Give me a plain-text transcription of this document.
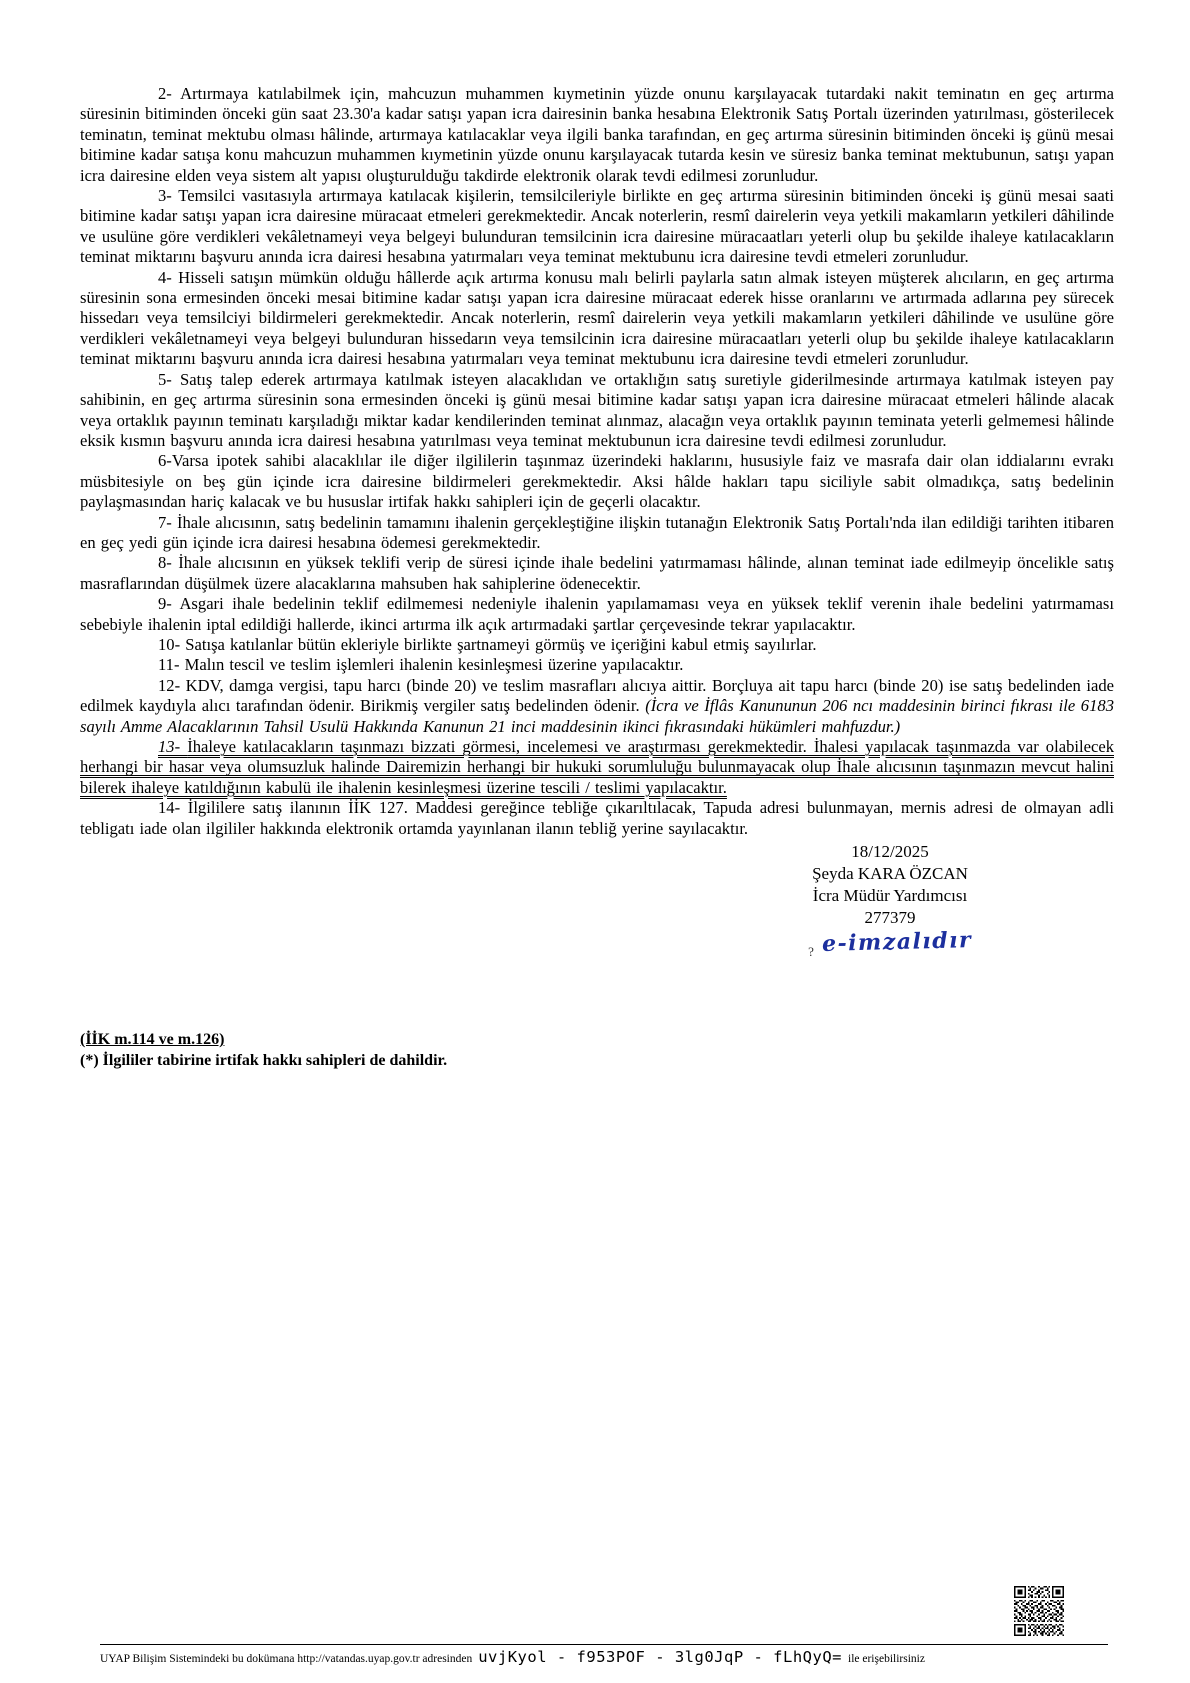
2- Artırmaya katılabilmek için, mahcuzun muhammen kıymetinin yüzde onunu karşılayacak tutardaki nakit teminatın en geç artırma süresinin bitiminden önceki gün saat 23.30'a kadar satışı yapan icra dairesinin banka hesabına Elektronik Satış Portalı üzerinden yatırılması, gösterilecek teminatın, teminat mektubu olması hâlinde, artırmaya katılacaklar veya ilgili banka tarafından, en geç artırma süresinin bitiminden önceki iş günü mesai bitimine kadar satışa konu mahcuzun muhammen kıymetinin yüzde onunu karşılayacak tutarda kesin ve süresiz banka teminat mektubunun, satışı yapan icra dairesine elden veya sistem alt yapısı oluşturulduğu takdirde elektronik olarak tevdi edilmesi zorunludur.

3- Temsilci vasıtasıyla artırmaya katılacak kişilerin, temsilcileriyle birlikte en geç artırma süresinin bitiminden önceki iş günü mesai saati bitimine kadar satışı yapan icra dairesine müracaat etmeleri gerekmektedir. Ancak noterlerin, resmî dairelerin veya yetkili makamların yetkileri dâhilinde ve usulüne göre verdikleri vekâletnameyi veya belgeyi bulunduran temsilcinin icra dairesine müracaatları yeterli olup bu şekilde ihaleye katılacakların teminat miktarını başvuru anında icra dairesi hesabına yatırmaları veya teminat mektubunu icra dairesine tevdi etmeleri zorunludur.

4- Hisseli satışın mümkün olduğu hâllerde açık artırma konusu malı belirli paylarla satın almak isteyen müşterek alıcıların, en geç artırma süresinin sona ermesinden önceki mesai bitimine kadar satışı yapan icra dairesine müracaat ederek hisse oranlarını ve artırmada adlarına pey sürecek hissedarı veya temsilciyi bildirmeleri gerekmektedir. Ancak noterlerin, resmî dairelerin veya yetkili makamların yetkileri dâhilinde ve usulüne göre verdikleri vekâletnameyi veya belgeyi bulunduran hissedarın veya temsilcinin icra dairesine müracaatları yeterli olup bu şekilde ihaleye katılacakların teminat miktarını başvuru anında icra dairesi hesabına yatırmaları veya teminat mektubunu icra dairesine tevdi etmeleri zorunludur.

5- Satış talep ederek artırmaya katılmak isteyen alacaklıdan ve ortaklığın satış suretiyle giderilmesinde artırmaya katılmak isteyen pay sahibinin, en geç artırma süresinin sona ermesinden önceki iş günü mesai bitimine kadar satışı yapan icra dairesine müracaat etmeleri hâlinde alacak veya ortaklık payının teminatı karşıladığı miktar kadar kendilerinden teminat alınmaz, alacağın veya ortaklık payının teminata yeterli gelmemesi hâlinde eksik kısmın başvuru anında icra dairesi hesabına yatırılması veya teminat mektubunun icra dairesine tevdi edilmesi zorunludur.

6-Varsa ipotek sahibi alacaklılar ile diğer ilgililerin taşınmaz üzerindeki haklarını, hususiyle faiz ve masrafa dair olan iddialarını evrakı müsbitesiyle on beş gün içinde icra dairesine bildirmeleri gerekmektedir. Aksi hâlde hakları tapu siciliyle sabit olmadıkça, satış bedelinin paylaşmasından hariç kalacak ve bu hususlar irtifak hakkı sahipleri için de geçerli olacaktır.

7- İhale alıcısının, satış bedelinin tamamını ihalenin gerçekleştiğine ilişkin tutanağın Elektronik Satış Portalı'nda ilan edildiği tarihten itibaren en geç yedi gün içinde icra dairesi hesabına ödemesi gerekmektedir.

8- İhale alıcısının en yüksek teklifi verip de süresi içinde ihale bedelini yatırmaması hâlinde, alınan teminat iade edilmeyip öncelikle satış masraflarından düşülmek üzere alacaklarına mahsuben hak sahiplerine ödenecektir.

9- Asgari ihale bedelinin teklif edilmemesi nedeniyle ihalenin yapılamaması veya en yüksek teklif verenin ihale bedelini yatırmaması sebebiyle ihalenin iptal edildiği hallerde, ikinci artırma ilk açık artırmadaki şartlar çerçevesinde tekrar yapılacaktır.

10- Satışa katılanlar bütün ekleriyle birlikte şartnameyi görmüş ve içeriğini kabul etmiş sayılırlar.

11- Malın tescil ve teslim işlemleri ihalenin kesinleşmesi üzerine yapılacaktır.

12- KDV, damga vergisi, tapu harcı (binde 20) ve teslim masrafları alıcıya aittir. Borçluya ait tapu harcı (binde 20) ise satış bedelinden iade edilmek kaydıyla alıcı tarafından ödenir. Birikmiş vergiler satış bedelinden ödenir. (İcra ve İflâs Kanununun 206 ncı maddesinin birinci fıkrası ile 6183 sayılı Amme Alacaklarının Tahsil Usulü Hakkında Kanunun 21 inci maddesinin ikinci fıkrasındaki hükümleri mahfuzdur.)

13- İhaleye katılacakların taşınmazı bizzati görmesi, incelemesi ve araştırması gerekmektedir. İhalesi yapılacak taşınmazda var olabilecek herhangi bir hasar veya olumsuzluk halinde Dairemizin herhangi bir hukuki sorumluluğu bulunmayacak olup İhale alıcısının taşınmazın mevcut halini bilerek ihaleye katıldığının kabulü ile ihalenin kesinleşmesi üzerine tescili / teslimi yapılacaktır.

14- İlgililere satış ilanının İİK 127. Maddesi gereğince tebliğe çıkarıltılacak, Tapuda adresi bulunmayan, mernis adresi de olmayan adli tebligatı iade olan ilgililer hakkında elektronik ortamda yayınlanan ilanın tebliğ yerine sayılacaktır.

18/12/2025
Şeyda KARA ÖZCAN
İcra Müdür Yardımcısı
277379
? e-imzalıdır
(İİK m.114 ve m.126)
(*) İlgililer tabirine irtifak hakkı sahipleri de dahildir.
UYAP Bilişim Sistemindeki bu dokümana http://vatandas.uyap.gov.tr adresinden uvjKyol - f953POF - 3lg0JqP - fLhQyQ= ile erişebilirsiniz
